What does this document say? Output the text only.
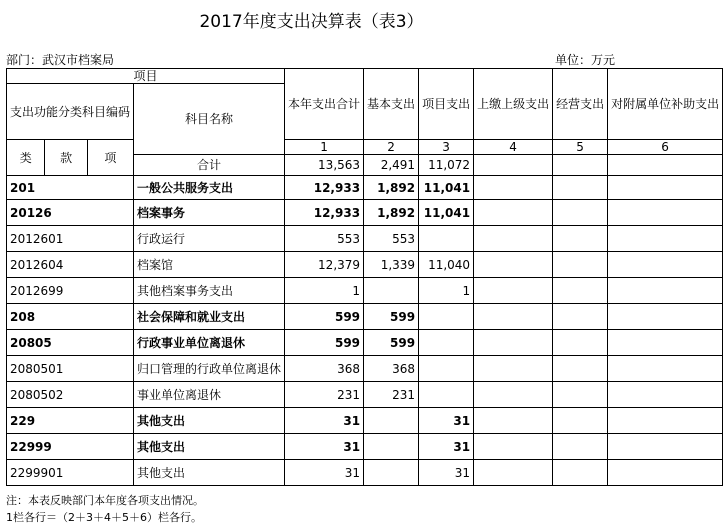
2017年度支出决算表（表3）
部门：武汉市档案局	单位：万元
项目				本年支出合计	基本支出	项目支出	上缴上级支出	经营支出	对附属单位补助支出
支出功能分类科目编码			科目名称						

类	款	项		1	2	3	4	5	6
			合计	13,563	2,491	11,072			
201			一般公共服务支出	12,933	1,892	11,041			
20126			档案事务	12,933	1,892	11,041			
2012601			行政运行	553	553				
2012604			档案馆	12,379	1,339	11,040			
2012699			其他档案事务支出	1		1			
208			社会保障和就业支出	599	599				
20805			行政事业单位离退休	599	599				
2080501			归口管理的行政单位离退休	368	368				
2080502			事业单位离退休	231	231				
229			其他支出	31		31			
22999			其他支出	31		31			
2299901			其他支出	31		31			
注：本表反映部门本年度各项支出情况。
1栏各行＝（2＋3＋4＋5＋6）栏各行。
